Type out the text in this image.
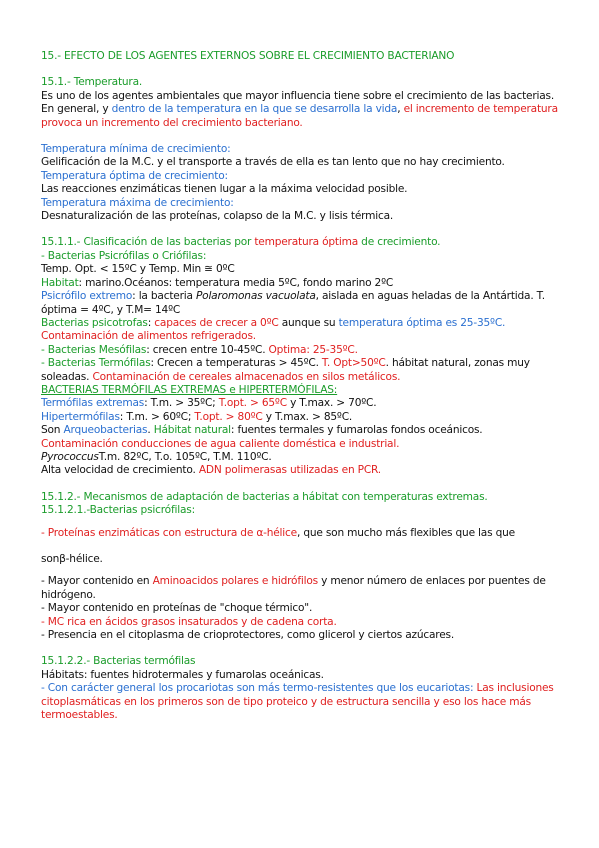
15.- EFECTO DE LOS AGENTES EXTERNOS SOBRE EL CRECIMIENTO BACTERIANO

15.1.- Temperatura.

Es uno de los agentes ambientales que mayor influencia tiene sobre el crecimiento de las bacterias. En general, y dentro de la temperatura en la que se desarrolla la vida, el incremento de temperatura provoca un incremento del crecimiento bacteriano.

Temperatura mínima de crecimiento:

Gelificación de la M.C. y el transporte a través de ella es tan lento que no hay crecimiento.

Temperatura óptima de crecimiento:

Las reacciones enzimáticas tienen lugar a la máxima velocidad posible.

Temperatura máxima de crecimiento:

Desnaturalización de las proteínas, colapso de la M.C. y lisis térmica.

15.1.1.- Clasificación de las bacterias por temperatura óptima de crecimiento.

- Bacterias Psicrófilas o Criófilas:

Temp. Opt. < 15ºC y Temp. Min ≅ 0ºC

Habitat: marino.Océanos: temperatura media 5ºC, fondo marino 2ºC

Psicrófilo extremo: la bacteria Polaromonas vacuolata, aislada en aguas heladas de la Antártida. T. óptima = 4ºC, y T.M= 14ºC

Bacterias psicotrofas: capaces de crecer a 0ºC aunque su temperatura óptima es 25-35ºC.

Contaminación de alimentos refrigerados.

- Bacterias Mesófilas: crecen entre 10-45ºC. Optima: 25-35ºC.

- Bacterias Termófilas: Crecen a temperaturas > 45ºC. T. Opt>50ºC. hábitat natural, zonas muy soleadas. Contaminación de cereales almacenados en silos metálicos.

BACTERIAS TERMÓFILAS EXTREMAS e HIPERTERMÓFILAS:

Termófilas extremas: T.m. > 35ºC; T.opt. > 65ºC y T.max. > 70ºC.

Hipertermófilas: T.m. > 60ºC; T.opt. > 80ºC y T.max. > 85ºC.

Son Arqueobacterias. Hábitat natural: fuentes termales y fumarolas fondos oceánicos.

Contaminación conducciones de agua caliente doméstica e industrial.

PyrococcusT.m. 82ºC, T.o. 105ºC, T.M. 110ºC.

Alta velocidad de crecimiento. ADN polimerasas utilizadas en PCR.

15.1.2.- Mecanismos de adaptación de bacterias a hábitat con temperaturas extremas.

15.1.2.1.-Bacterias psicrófilas:

- Proteínas enzimáticas con estructura de α-hélice, que son mucho más flexibles que las que

sonβ-hélice.

- Mayor contenido en Aminoacidos polares e hidrófilos y menor número de enlaces por puentes de hidrógeno.

- Mayor contenido en proteínas de "choque térmico".

- MC rica en ácidos grasos insaturados y de cadena corta.

- Presencia en el citoplasma de crioprotectores, como glicerol y ciertos azúcares.

15.1.2.2.- Bacterias termófilas

Hábitats: fuentes hidrotermales y fumarolas oceánicas.

- Con carácter general los procariotas son más termo-resistentes que los eucariotas: Las inclusiones citoplasmáticas en los primeros son de tipo proteico y de estructura sencilla y eso los hace más termoestables.
